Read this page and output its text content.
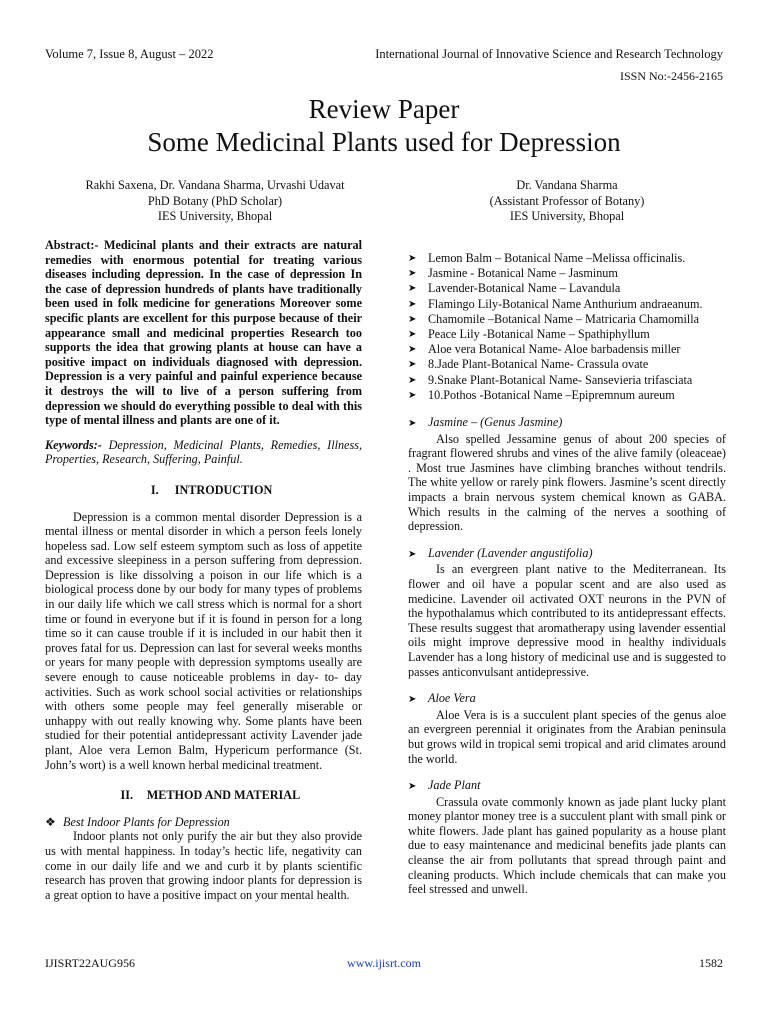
Volume 7, Issue 8, August – 2022	International Journal of Innovative Science and Research Technology
ISSN No:-2456-2165
Review Paper
Some Medicinal Plants used for Depression
Rakhi Saxena, Dr. Vandana Sharma, Urvashi Udavat
PhD Botany (PhD Scholar)
IES University, Bhopal
Dr. Vandana Sharma
(Assistant Professor of Botany)
IES University, Bhopal
Abstract:- Medicinal plants and their extracts are natural remedies with enormous potential for treating various diseases including depression. In the case of depression In the case of depression hundreds of plants have traditionally been used in folk medicine for generations Moreover some specific plants are excellent for this purpose because of their appearance small and medicinal properties Research too supports the idea that growing plants at house can have a positive impact on individuals diagnosed with depression. Depression is a very painful and painful experience because it destroys the will to live of a person suffering from depression we should do everything possible to deal with this type of mental illness and plants are one of it.
Keywords:- Depression, Medicinal Plants, Remedies, Illness, Properties, Research, Suffering, Painful.
I. INTRODUCTION
Depression is a common mental disorder Depression is a mental illness or mental disorder in which a person feels lonely hopeless sad. Low self esteem symptom such as loss of appetite and excessive sleepiness in a person suffering from depression. Depression is like dissolving a poison in our life which is a biological process done by our body for many types of problems in our daily life which we call stress which is normal for a short time or found in everyone but if it is found in person for a long time so it can cause trouble if it is included in our habit then it proves fatal for us. Depression can last for several weeks months or years for many people with depression symptoms useally are severe enough to cause noticeable problems in day- to- day activities. Such as work school social activities or relationships with others some people may feel generally miserable or unhappy with out really knowing why. Some plants have been studied for their potential antidepressant activity Lavender jade plant, Aloe vera Lemon Balm, Hypericum performance (St. John’s wort) is a well known herbal medicinal treatment.
II. METHOD AND MATERIAL
❖ Best Indoor Plants for Depression
Indoor plants not only purify the air but they also provide us with mental happiness. In today’s hectic life, negativity can come in our daily life and we and curb it by plants scientific research has proven that growing indoor plants for depression is a great option to have a positive impact on your mental health.
➤ Lemon Balm – Botanical Name –Melissa officinalis.
➤ Jasmine - Botanical Name – Jasminum
➤ Lavender-Botanical Name – Lavandula
➤ Flamingo Lily-Botanical Name Anthurium andraeanum.
➤ Chamomile –Botanical Name – Matricaria Chamomilla
➤ Peace Lily -Botanical Name – Spathiphyllum
➤ Aloe vera Botanical Name- Aloe barbadensis miller
➤ 8.Jade Plant-Botanical Name- Crassula ovate
➤ 9.Snake Plant-Botanical Name- Sansevieria trifasciata
➤ 10.Pothos -Botanical Name –Epipremnum aureum
➤ Jasmine – (Genus Jasmine)
Also spelled Jessamine genus of about 200 species of fragrant flowered shrubs and vines of the alive family (oleaceae) . Most true Jasmines have climbing branches without tendrils. The white yellow or rarely pink flowers. Jasmine’s scent directly impacts a brain nervous system chemical known as GABA. Which results in the calming of the nerves a soothing of depression.
➤ Lavender (Lavender angustifolia)
Is an evergreen plant native to the Mediterranean. Its flower and oil have a popular scent and are also used as medicine. Lavender oil activated OXT neurons in the PVN of the hypothalamus which contributed to its antidepressant effects. These results suggest that aromatherapy using lavender essential oils might improve depressive mood in healthy individuals Lavender has a long history of medicinal use and is suggested to passes anticonvulsant antidepressive.
➤ Aloe Vera
Aloe Vera is is a succulent plant species of the genus aloe an evergreen perennial it originates from the Arabian peninsula but grows wild in tropical semi tropical and arid climates around the world.
➤ Jade Plant
Crassula ovate commonly known as jade plant lucky plant money plantor money tree is a succulent plant with small pink or white flowers. Jade plant has gained popularity as a house plant due to easy maintenance and medicinal benefits jade plants can cleanse the air from pollutants that spread through paint and cleaning products. Which include chemicals that can make you feel stressed and unwell.
IJISRT22AUG956	www.ijisrt.com	1582
